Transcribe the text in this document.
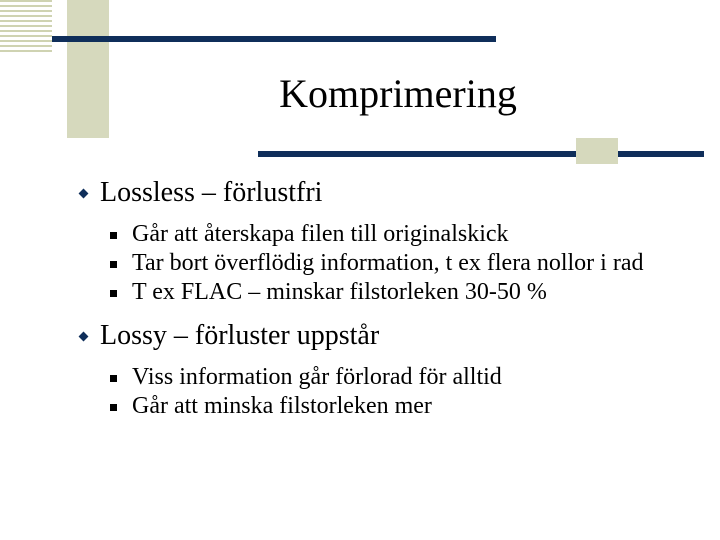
Komprimering
Lossless – förlustfri
Går att återskapa filen till originalskick
Tar bort överflödig information, t ex flera nollor i rad
T ex FLAC – minskar filstorleken 30-50 %
Lossy – förluster uppstår
Viss information går förlorad för alltid
Går att minska filstorleken mer
